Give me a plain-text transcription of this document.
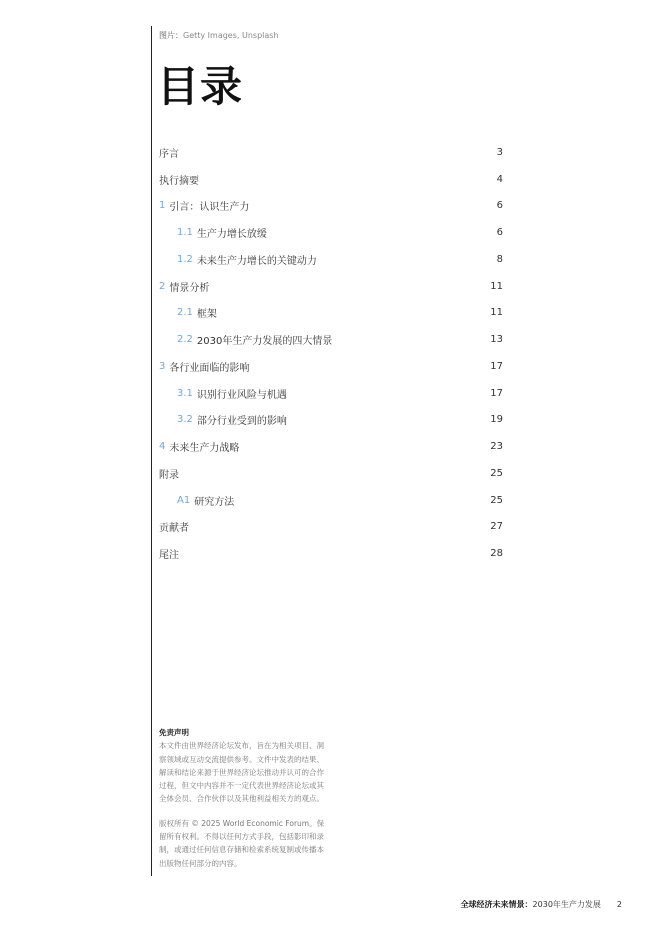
图片：Getty Images, Unsplash
目录
序言	3
执行摘要	4
1 引言：认识生产力	6
1.1 生产力增长放缓	6
1.2 未来生产力增长的关键动力	8
2 情景分析	11
2.1 框架	11
2.2 2030年生产力发展的四大情景	13
3 各行业面临的影响	17
3.1 识别行业风险与机遇	17
3.2 部分行业受到的影响	19
4 未来生产力战略	23
附录	25
A1 研究方法	25
贡献者	27
尾注	28
免责声明

本文件由世界经济论坛发布，旨在为相关项目、洞察领域或互动交流提供参考。文件中发表的结果、解读和结论来源于世界经济论坛推动并认可的合作过程，但文中内容并不一定代表世界经济论坛或其全体会员、合作伙伴以及其他利益相关方的观点。

版权所有 © 2025 World Economic Forum。保留所有权利。不得以任何方式手段，包括影印和录制，或通过任何信息存储和检索系统复制或传播本出版物任何部分的内容。

全球经济未来情景： 2030年生产力发展 2
